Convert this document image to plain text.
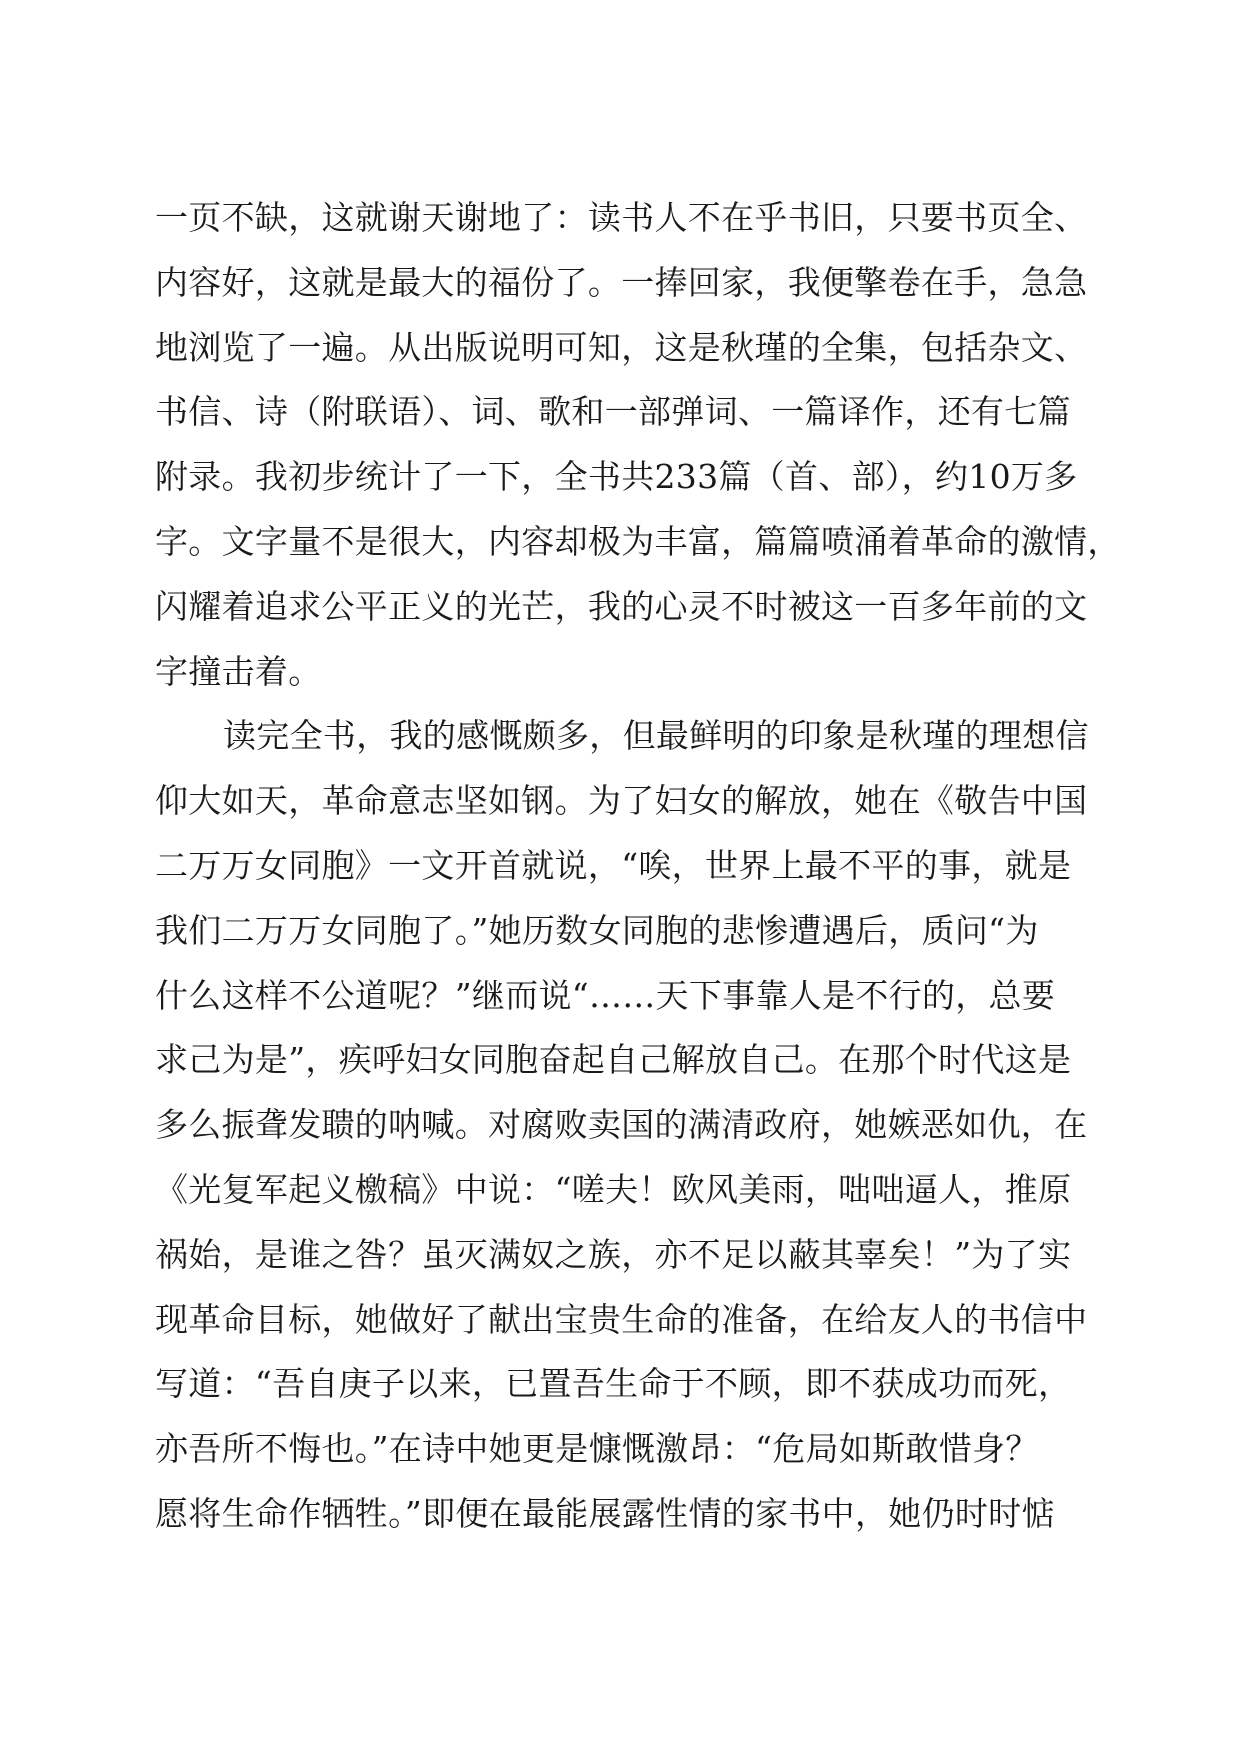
一页不缺，这就谢天谢地了：读书人不在乎书旧，只要书页全、
内容好，这就是最大的福份了。一捧回家，我便擎卷在手，急急
地浏览了一遍。从出版说明可知，这是秋瑾的全集，包括杂文、
书信、诗（附联语）、词、歌和一部弹词、一篇译作，还有七篇
附录。我初步统计了一下，全书共233篇（首、部），约10万多
字。文字量不是很大，内容却极为丰富，篇篇喷涌着革命的激情，
闪耀着追求公平正义的光芒，我的心灵不时被这一百多年前的文
字撞击着。
读完全书，我的感慨颇多，但最鲜明的印象是秋瑾的理想信
仰大如天，革命意志坚如钢。为了妇女的解放，她在《敬告中国
二万万女同胞》一文开首就说，“唉，世界上最不平的事，就是
我们二万万女同胞了。”她历数女同胞的悲惨遭遇后，质问“为
什么这样不公道呢？”继而说“……天下事靠人是不行的，总要
求己为是”，疾呼妇女同胞奋起自己解放自己。在那个时代这是
多么振聋发聩的呐喊。对腐败卖国的满清政府，她嫉恶如仇，在
《光复军起义檄稿》中说：“嗟夫！欧风美雨，咄咄逼人，推原
祸始，是谁之咎？虽灭满奴之族，亦不足以蔽其辜矣！”为了实
现革命目标，她做好了献出宝贵生命的准备，在给友人的书信中
写道：“吾自庚子以来，已置吾生命于不顾，即不获成功而死，
亦吾所不悔也。”在诗中她更是慷慨激昂：“危局如斯敢惜身？
愿将生命作牺牲。”即便在最能展露性情的家书中，她仍时时惦
